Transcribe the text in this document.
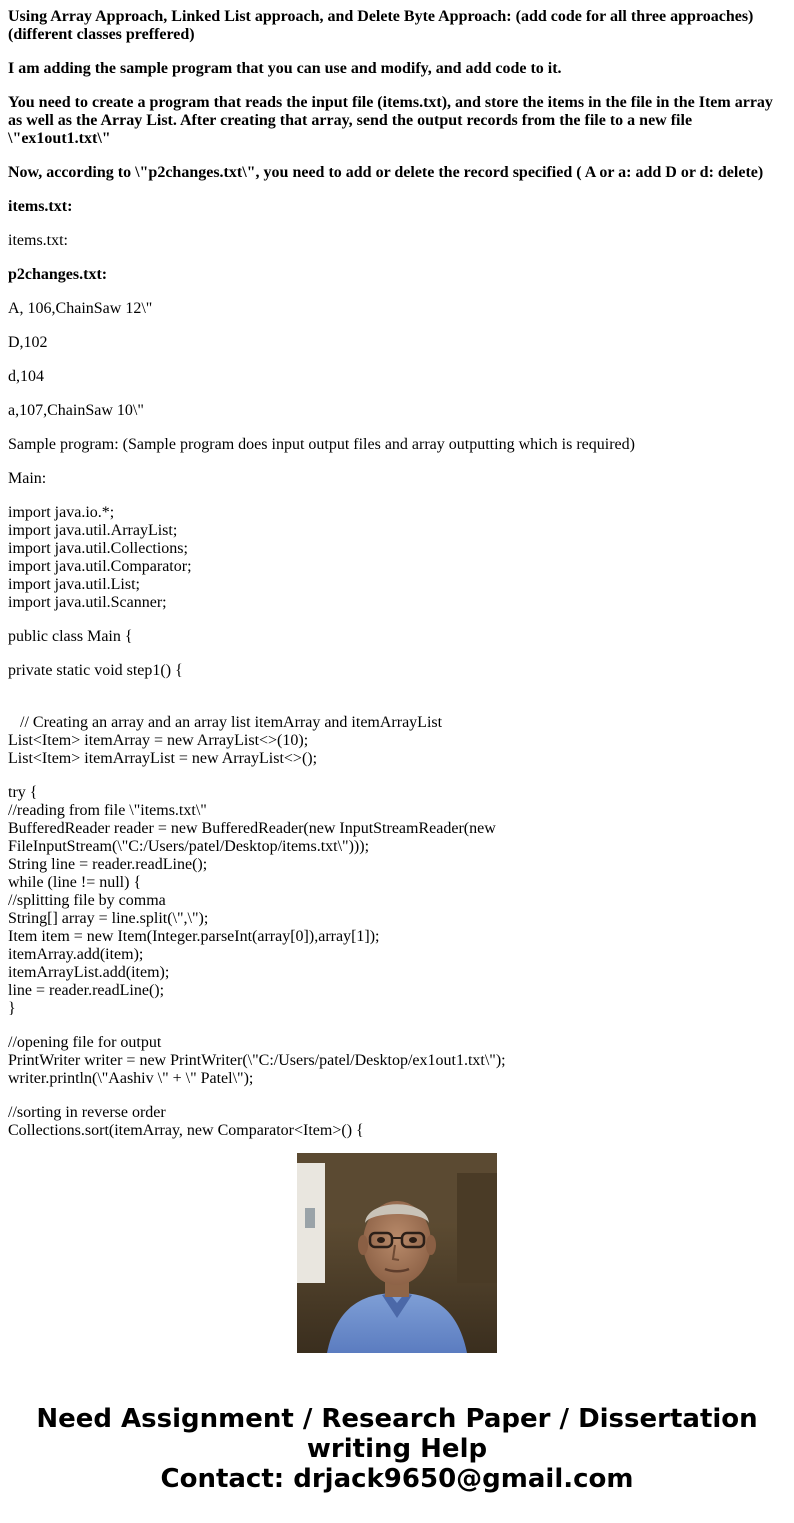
Using Array Approach, Linked List approach, and Delete Byte Approach: (add code for all three approaches) (different classes preffered)

I am adding the sample program that you can use and modify, and add code to it.

You need to create a program that reads the input file (items.txt), and store the items in the file in the Item array as well as the Array List. After creating that array, send the output records from the file to a new file \"ex1out1.txt\"

Now, according to \"p2changes.txt\", you need to add or delete the record specified ( A or a: add D or d: delete)

items.txt:

items.txt:

p2changes.txt:

A, 106,ChainSaw 12\"

D,102

d,104

a,107,ChainSaw 10\"

Sample program: (Sample program does input output files and array outputting which is required)

Main:

import java.io.*;
import java.util.ArrayList;
import java.util.Collections;
import java.util.Comparator;
import java.util.List;
import java.util.Scanner;

public class Main {

private static void step1() {

// Creating an array and an array list itemArray and itemArrayList
List<Item> itemArray = new ArrayList<>(10);
List<Item> itemArrayList = new ArrayList<>();
try {
//reading from file \"items.txt\"
BufferedReader reader = new BufferedReader(new InputStreamReader(new
FileInputStream(\"C:/Users/patel/Desktop/items.txt\")));
String line = reader.readLine();
while (line != null) {
//splitting file by comma
String[] array = line.split(\",\");
Item item = new Item(Integer.parseInt(array[0]),array[1]);
itemArray.add(item);
itemArrayList.add(item);
line = reader.readLine();
}
//opening file for output
PrintWriter writer = new PrintWriter(\"C:/Users/patel/Desktop/ex1out1.txt\");
writer.println(\"Aashiv \" + \" Patel\");
//sorting in reverse order
Collections.sort(itemArray, new Comparator<Item>() {
Need Assignment / Research Paper / Dissertation
writing Help
Contact: drjack9650@gmail.com
